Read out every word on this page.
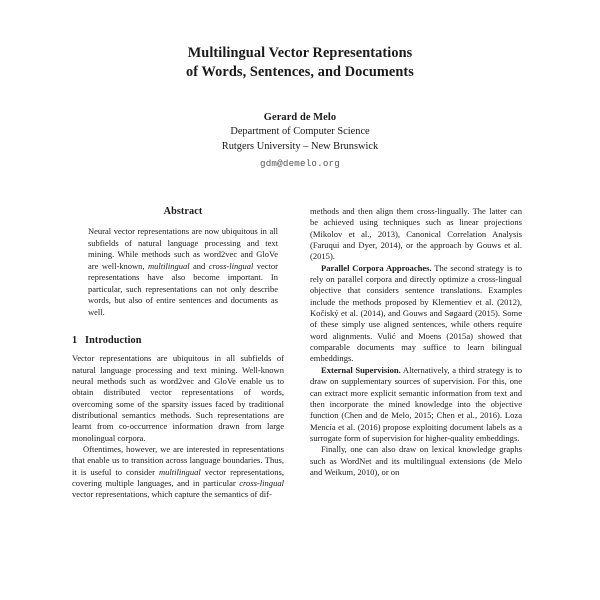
Multilingual Vector Representations
of Words, Sentences, and Documents
Gerard de Melo
Department of Computer Science
Rutgers University – New Brunswick
gdm@demelo.org
Abstract
Neural vector representations are now ubiquitous in all subfields of natural language processing and text mining. While methods such as word2vec and GloVe are well-known, multilingual and cross-lingual vector representations have also become important. In particular, such representations can not only describe words, but also of entire sentences and documents as well.
1 Introduction

Vector representations are ubiquitous in all subfields of natural language processing and text mining. Well-known neural methods such as word2vec and GloVe enable us to obtain distributed vector representations of words, overcoming some of the sparsity issues faced by traditional distributional semantics methods. Such representations are learnt from co-occurrence information drawn from large monolingual corpora.

Oftentimes, however, we are interested in representations that enable us to transition across language boundaries. Thus, it is useful to consider multilingual vector representations, covering multiple languages, and in particular cross-lingual vector representations, which capture the semantics of dif-

methods and then align them cross-lingually. The latter can be achieved using techniques such as linear projections (Mikolov et al., 2013), Canonical Correlation Analysis (Faruqui and Dyer, 2014), or the approach by Gouws et al. (2015).

Parallel Corpora Approaches. The second strategy is to rely on parallel corpora and directly optimize a cross-lingual objective that considers sentence translations. Examples include the methods proposed by Klementiev et al. (2012), Kočiský et al. (2014), and Gouws and Søgaard (2015). Some of these simply use aligned sentences, while others require word alignments. Vulić and Moens (2015a) showed that comparable documents may suffice to learn bilingual embeddings.

External Supervision. Alternatively, a third strategy is to draw on supplementary sources of supervision. For this, one can extract more explicit semantic information from text and then incorporate the mined knowledge into the objective function (Chen and de Melo, 2015; Chen et al., 2016). Loza Mencía et al. (2016) propose exploiting document labels as a surrogate form of supervision for higher-quality embeddings.

Finally, one can also draw on lexical knowledge graphs such as WordNet and its multilingual extensions (de Melo and Weikum, 2010), or on
